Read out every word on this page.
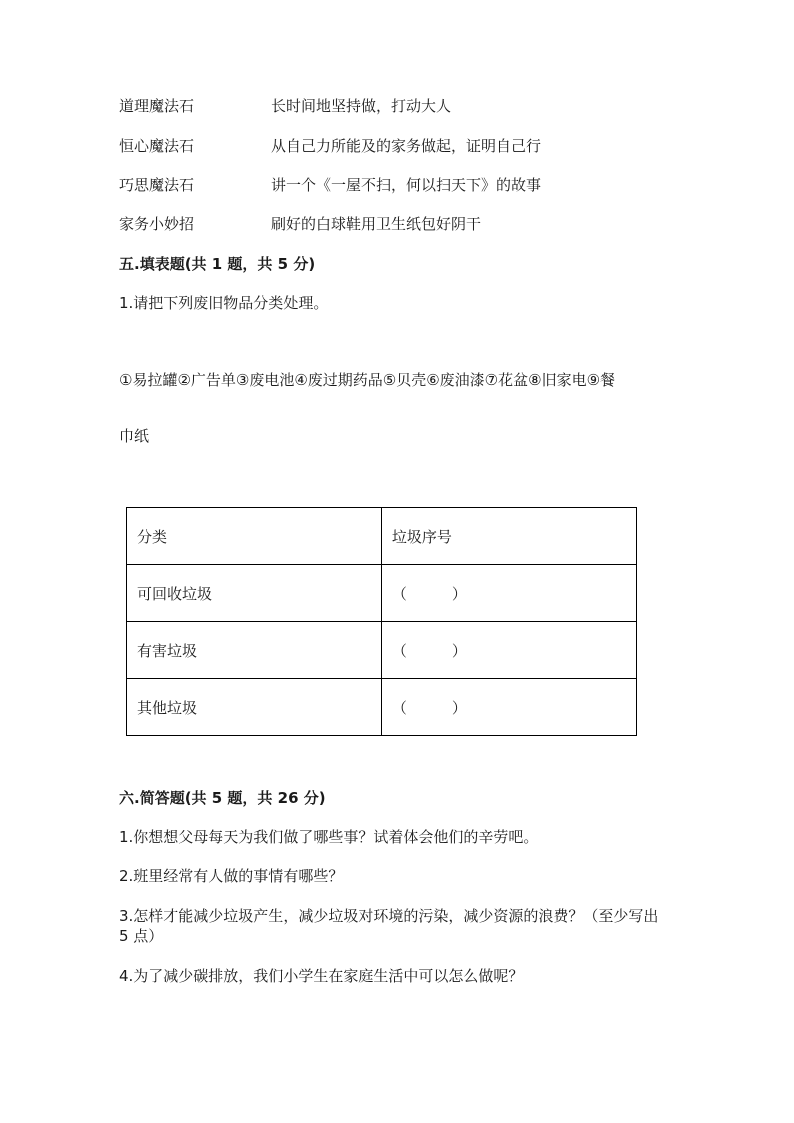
道理魔法石	长时间地坚持做，打动大人
恒心魔法石	从自己力所能及的家务做起，证明自己行
巧思魔法石	讲一个《一屋不扫，何以扫天下》的故事
家务小妙招	刷好的白球鞋用卫生纸包好阴干
五.填表题(共 1 题，共 5 分)
1.请把下列废旧物品分类处理。
①易拉罐②广告单③废电池④废过期药品⑤贝壳⑥废油漆⑦花盆⑧旧家电⑨餐
巾纸
分类	垃圾序号
可回收垃圾	（　　　）
有害垃圾	（　　　）
其他垃圾	（　　　）
六.简答题(共 5 题，共 26 分)
1.你想想父母每天为我们做了哪些事？试着体会他们的辛劳吧。
2.班里经常有人做的事情有哪些？
3.怎样才能减少垃圾产生，减少垃圾对环境的污染，减少资源的浪费？（至少写出 5 点）
4.为了减少碳排放，我们小学生在家庭生活中可以怎么做呢？
